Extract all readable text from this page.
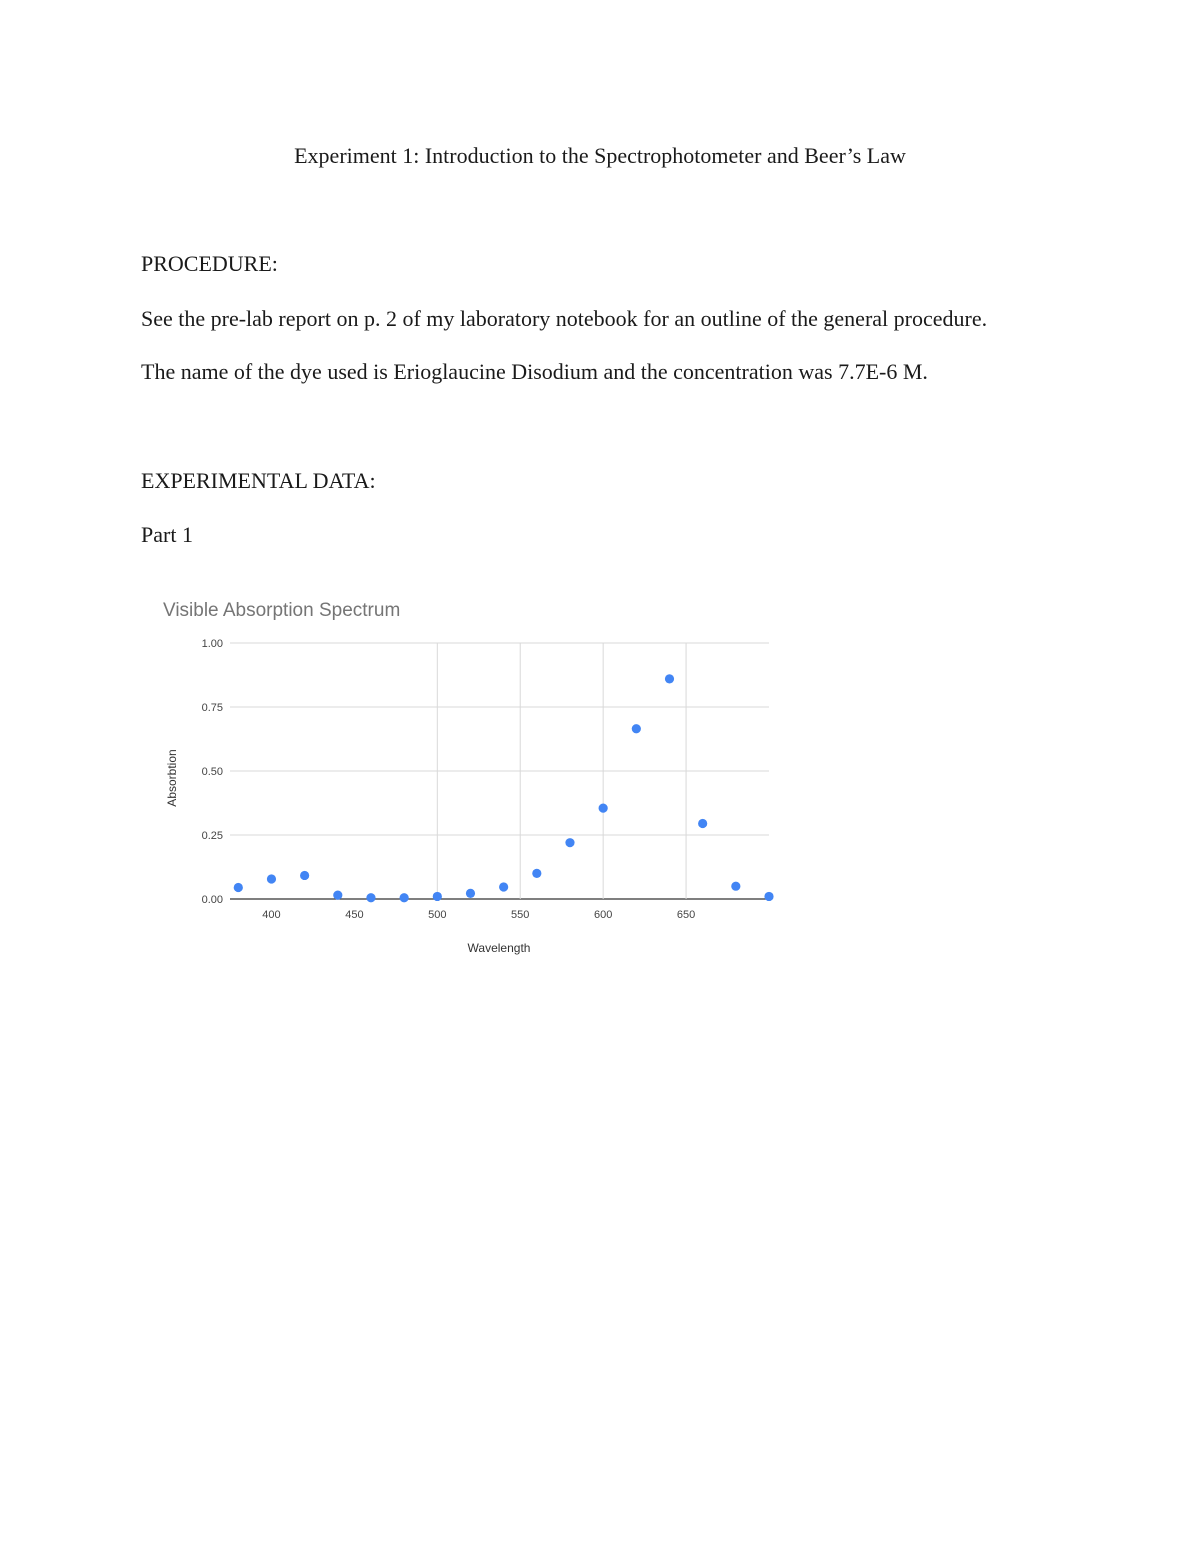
Experiment 1: Introduction to the Spectrophotometer and Beer’s Law
PROCEDURE:
See the pre-lab report on p. 2 of my laboratory notebook for an outline of the general procedure.
The name of the dye used is Erioglaucine Disodium and the concentration was 7.7E-6 M.
EXPERIMENTAL DATA:
Part 1
Visible Absorption Spectrum
0.00
0.25
0.50
0.75
1.00
400	450	500	550	600	650
Wavelength
Absorbtion
